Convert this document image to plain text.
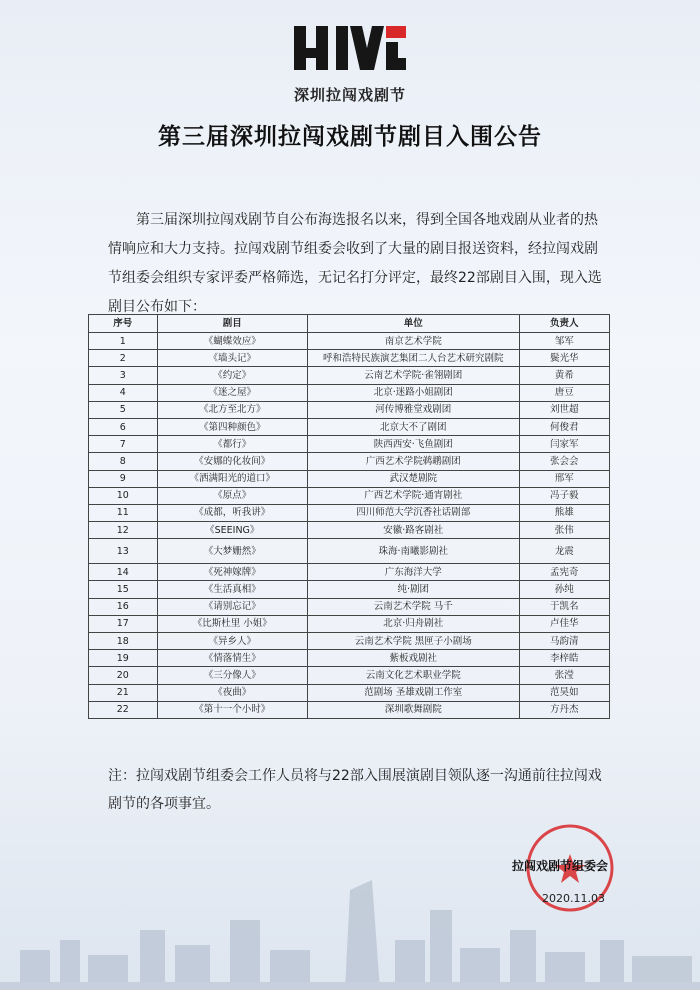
深圳拉闯戏剧节
第三届深圳拉闯戏剧节剧目入围公告
第三届深圳拉闯戏剧节自公布海选报名以来，得到全国各地戏剧从业者的热情响应和大力支持。拉闯戏剧节组委会收到了大量的剧目报送资料，经拉闯戏剧节组委会组织专家评委严格筛选，无记名打分评定，最终22部剧目入围，现入选剧目公布如下：
序号	剧目	单位	负责人
1	《蝴蝶效应》	南京艺术学院	邹军
2	《墙头记》	呼和浩特民族演艺集团二人台艺术研究剧院	鬓光华
3	《约定》	云南艺术学院·雀翎剧团	黄希
4	《迷之屋》	北京·迷路小姐剧团	唐豆
5	《北方至北方》	河传博雅堂戏剧团	刘世超
6	《第四种颜色》	北京大不了剧团	何俊君
7	《都行》	陕西西安·飞鱼剧团	闫家军
8	《安娜的化妆间》	广西艺术学院鹈鹕剧团	张会会
9	《洒满阳光的道口》	武汉楚剧院	邢军
10	《原点》	广西艺术学院·通宵剧社	冯子毅
11	《成都，听我讲》	四川师范大学沉香社话剧部	熊雄
12	《SEEING》	安徽·路客剧社	张伟
13	《大梦姗然》	珠海·南曦影剧社	龙震
14	《死神嫁牌》	广东海洋大学	孟宪奇
15	《生活真相》	纯·剧团	孙纯
16	《请别忘记》	云南艺术学院 马千	于凯名
17	《比斯杜里 小姐》	北京·归舟剧社	卢佳华
18	《异乡人》	云南艺术学院 黑匣子小剧场	马韵清
19	《情落情生》	紫板戏剧社	李梓皓
20	《三分像人》	云南文化艺术职业学院	张滢
21	《夜曲》	范剧场 圣雄戏剧工作室	范昊如
22	《第十一个小时》	深圳歌舞剧院	方丹杰
注：拉闯戏剧节组委会工作人员将与22部入围展演剧目领队逐一沟通前往拉闯戏剧节的各项事宜。
拉闯戏剧节组委会
2020.11.03
